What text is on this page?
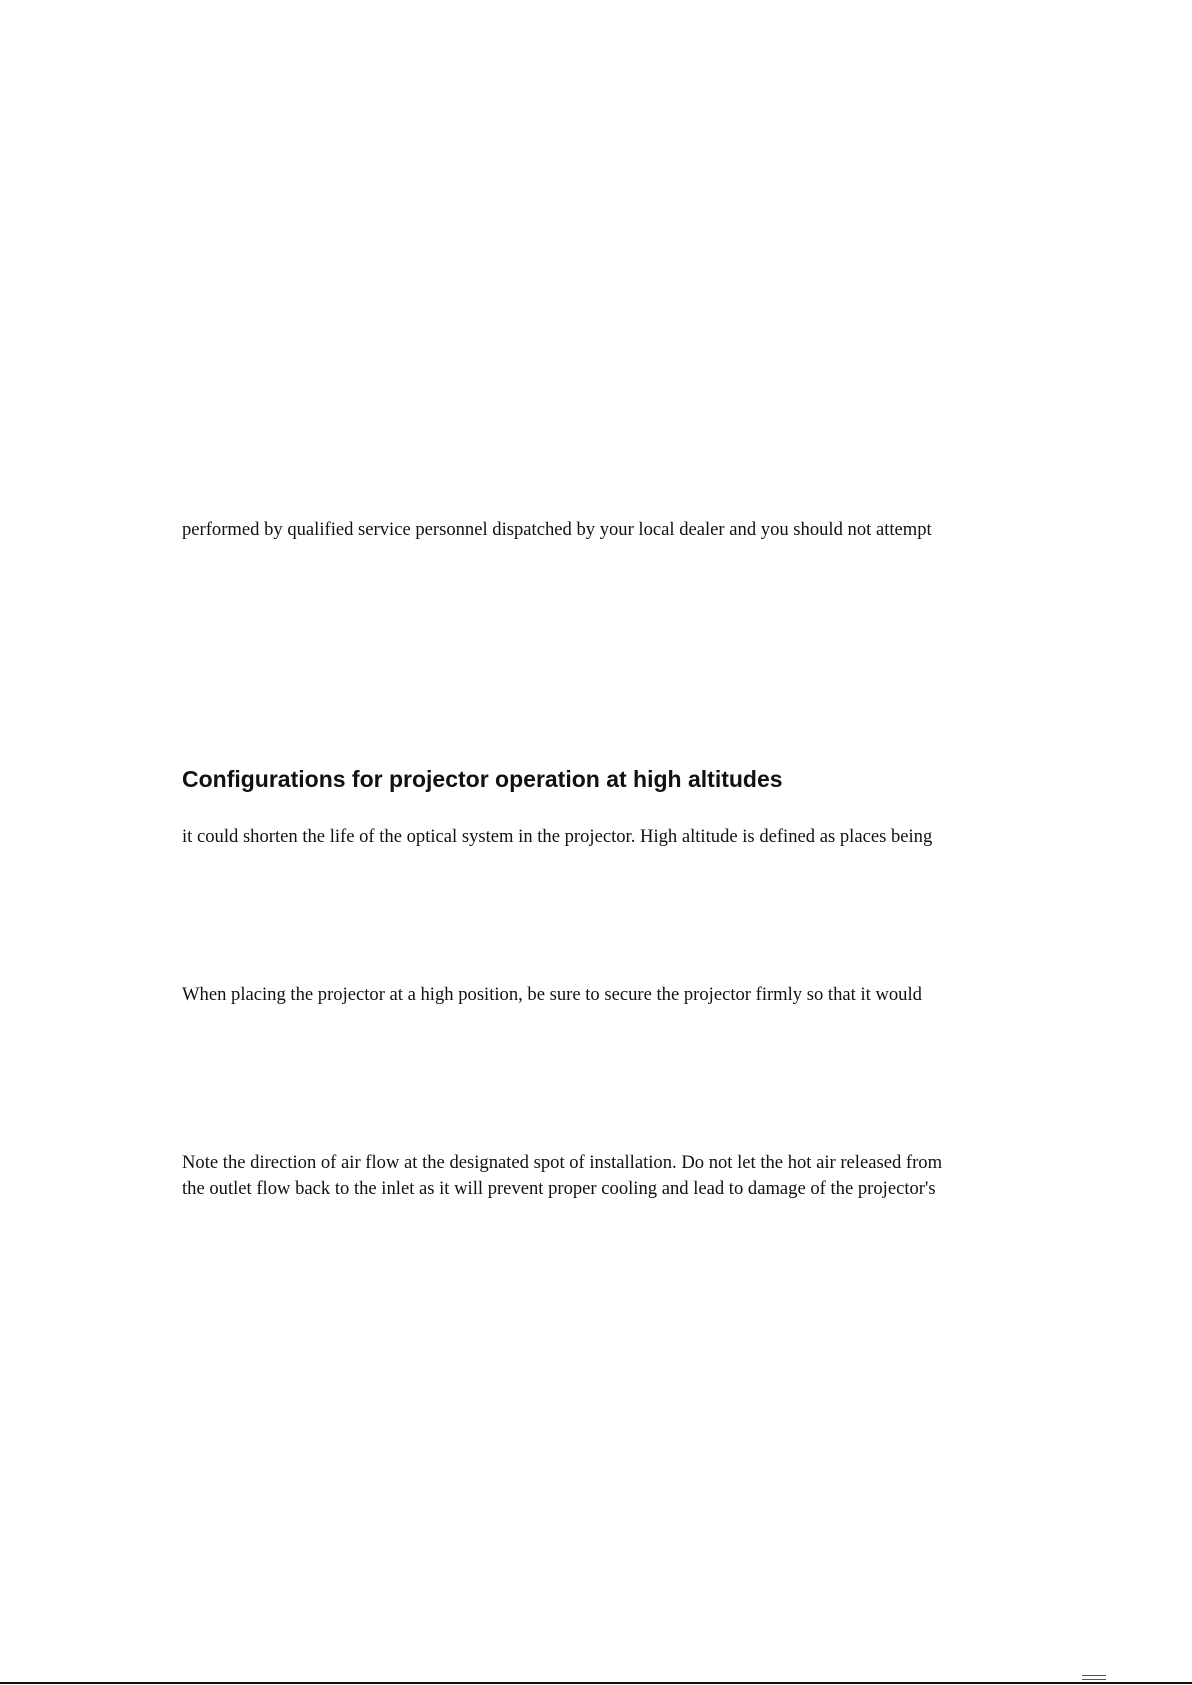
performed by qualified service personnel dispatched by your local dealer and you should not attempt

Configurations for projector operation at high altitudes

it could shorten the life of the optical system in the projector. High altitude is defined as places being

When placing the projector at a high position, be sure to secure the projector firmly so that it would

Note the direction of air flow at the designated spot of installation. Do not let the hot air released from

the outlet flow back to the inlet as it will prevent proper cooling and lead to damage of the projector's
